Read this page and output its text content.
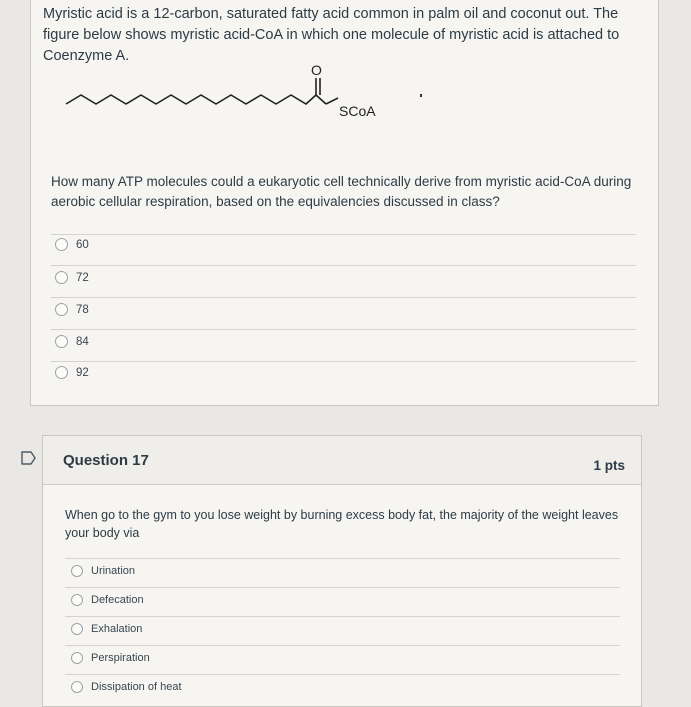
Myristic acid is a 12-carbon, saturated fatty acid common in palm oil and coconut out. The figure below shows myristic acid-CoA in which one molecule of myristic acid is attached to Coenzyme A.
O
SCoA
How many ATP molecules could a eukaryotic cell technically derive from myristic acid-CoA during aerobic cellular respiration, based on the equivalencies discussed in class?
60
72
78
84
92
Question 17	1 pts
When go to the gym to you lose weight by burning excess body fat, the majority of the weight leaves your body via
Urination
Defecation
Exhalation
Perspiration
Dissipation of heat
